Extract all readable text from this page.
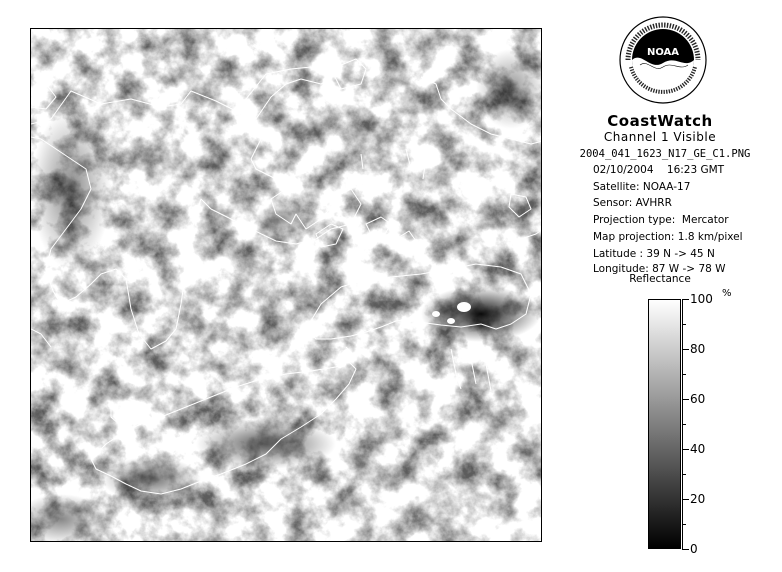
NOAA
CoastWatch
Channel 1 Visible
2004_041_1623_N17_GE_C1.PNG
02/10/2004 16:23 GMT
Satellite: NOAA-17
Sensor: AVHRR
Projection type:  Mercator
Map projection: 1.8 km/pixel
Latitude : 39 N -> 45 N
Longitude: 87 W -> 78 W
Reflectance
%
100
80
60
40
20
0
